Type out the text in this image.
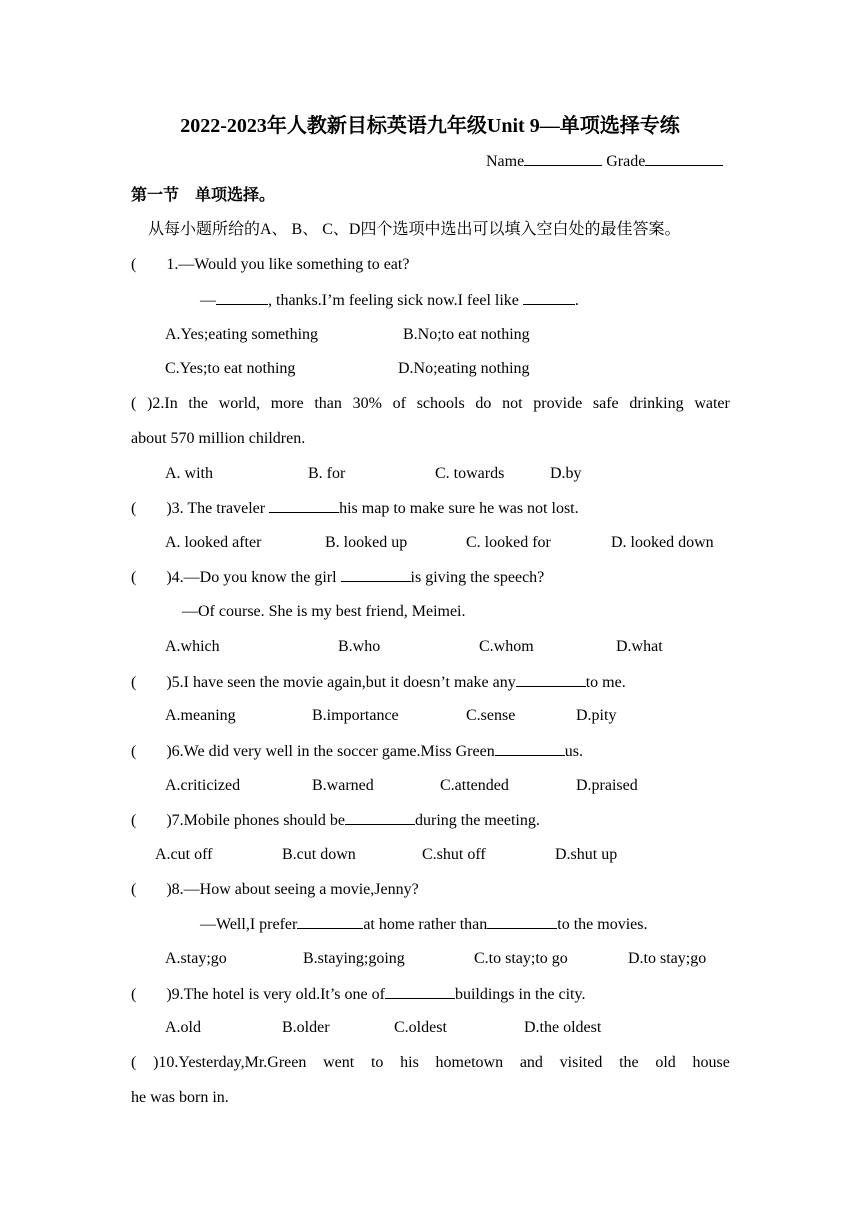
2022-2023年人教新目标英语九年级Unit 9—单项选择专练
Name	Grade
第一节　单项选择。
从每小题所给的A、 B、 C、D四个选项中选出可以填入空白处的最佳答案。
( 1.—Would you like something to eat?
—	, thanks.I’m feeling sick now.I feel like	.
A.Yes;eating something	B.No;to eat nothing
C.Yes;to eat nothing	D.No;eating nothing
( )2.In the world, more than 30% of schools do not provide safe drinking water
about 570 million children.
A. with	B. for	C. towards	D.by
( )3. The traveler	his map to make sure he was not lost.
A. looked after	B. looked up	C. looked for	D. looked down
( )4.—Do you know the girl	is giving the speech?
—Of course. She is my best friend, Meimei.
A.which	B.who	C.whom	D.what
( )5.I have seen the movie again,but it doesn’t make any	to me.
A.meaning	B.importance	C.sense	D.pity
( )6.We did very well in the soccer game.Miss Green	us.
A.criticized	B.warned	C.attended	D.praised
( )7.Mobile phones should be	during the meeting.
A.cut off	B.cut down	C.shut off	D.shut up
( )8.—How about seeing a movie,Jenny?
—Well,I prefer	at home rather than	to the movies.
A.stay;go	B.staying;going	C.to stay;to go	D.to stay;go
( )9.The hotel is very old.It’s one of	buildings in the city.
A.old	B.older	C.oldest	D.the oldest
( )10.Yesterday,Mr.Green went to his hometown and visited the old house
he was born in.
